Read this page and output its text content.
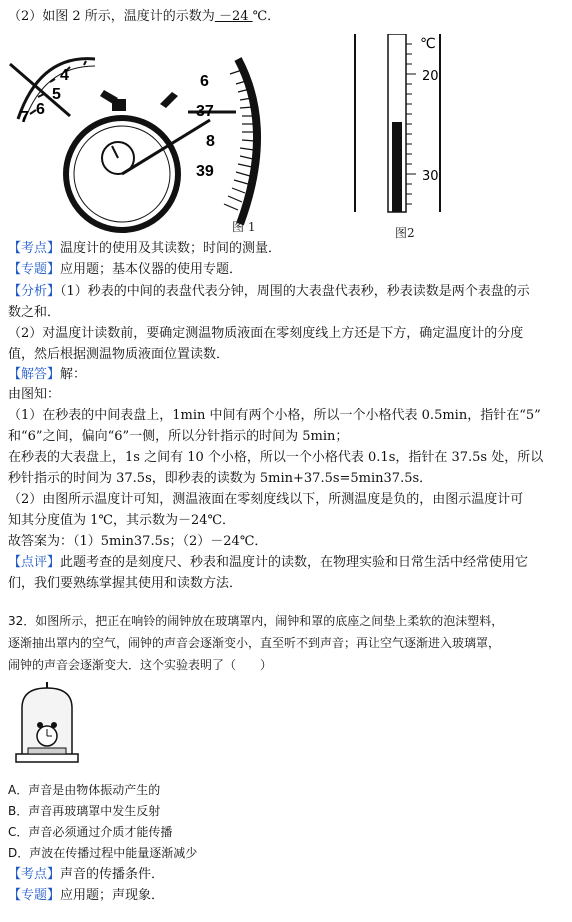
（2）如图 2 所示，温度计的示数为 －24 ℃．
4
5
6
7
6
37
8
39
图 1
℃
20
30
图2
【考点】温度计的使用及其读数；时间的测量．
【专题】应用题；基本仪器的使用专题．
【分析】（1）秒表的中间的表盘代表分钟，周围的大表盘代表秒，秒表读数是两个表盘的示
数之和．
（2）对温度计读数前，要确定测温物质液面在零刻度线上方还是下方，确定温度计的分度
值，然后根据测温物质液面位置读数．
【解答】解：
由图知：
（1）在秒表的中间表盘上，1min 中间有两个小格，所以一个小格代表 0.5min，指针在“5”
和“6”之间，偏向“6”一侧，所以分针指示的时间为 5min；
在秒表的大表盘上，1s 之间有 10 个小格，所以一个小格代表 0.1s，指针在 37.5s 处，所以
秒针指示的时间为 37.5s，即秒表的读数为 5min+37.5s=5min37.5s．
（2）由图所示温度计可知，测温液面在零刻度线以下，所测温度是负的，由图示温度计可
知其分度值为 1℃，其示数为－24℃．
故答案为：（1）5min37.5s；（2）－24℃．
【点评】此题考查的是刻度尺、秒表和温度计的读数，在物理实验和日常生活中经常使用它
们，我们要熟练掌握其使用和读数方法．
32．如图所示，把正在响铃的闹钟放在玻璃罩内，闹钟和罩的底座之间垫上柔软的泡沫塑料，
逐渐抽出罩内的空气，闹钟的声音会逐渐变小，直至听不到声音；再让空气逐渐进入玻璃罩，
闹钟的声音会逐渐变大．这个实验表明了（　　）
A．声音是由物体振动产生的
B．声音再玻璃罩中发生反射
C．声音必须通过介质才能传播
D．声波在传播过程中能量逐渐减少
【考点】声音的传播条件．
【专题】应用题；声现象．
